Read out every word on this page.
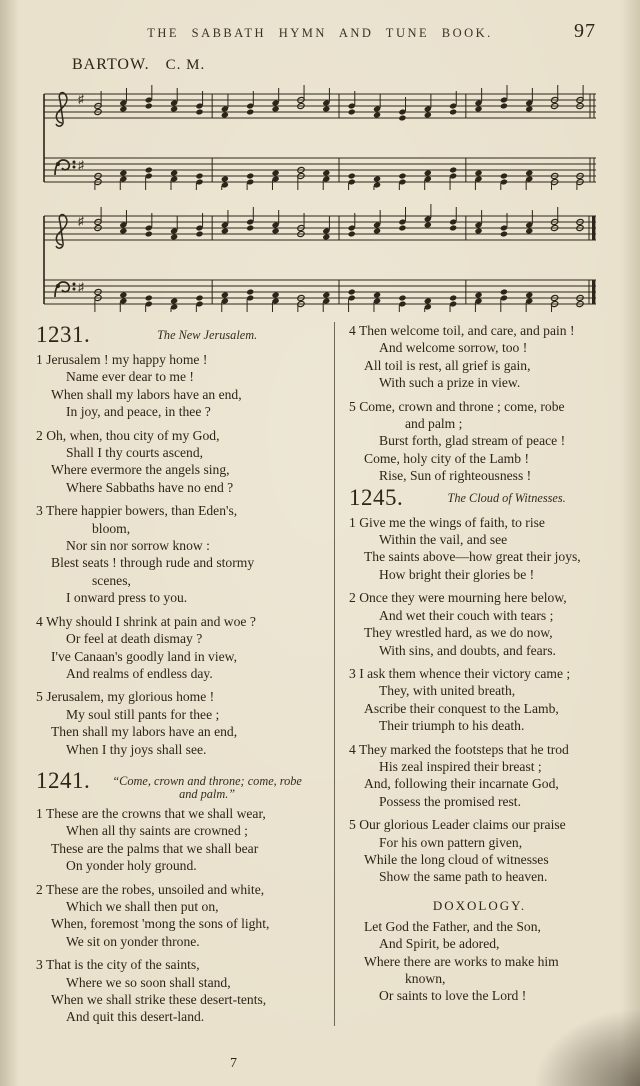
THE SABBATH HYMN AND TUNE BOOK.	97
BARTOW. C. M.
♯
♯
♯
♯
1231.	The New Jerusalem.
1 Jerusalem ! my happy home !
Name ever dear to me !
When shall my labors have an end,
In joy, and peace, in thee ?
2 Oh, when, thou city of my God,
Shall I thy courts ascend,
Where evermore the angels sing,
Where Sabbaths have no end ?
3 There happier bowers, than Eden's,
bloom,
Nor sin nor sorrow know :
Blest seats ! through rude and stormy
scenes,
I onward press to you.
4 Why should I shrink at pain and woe ?
Or feel at death dismay ?
I've Canaan's goodly land in view,
And realms of endless day.
5 Jerusalem, my glorious home !
My soul still pants for thee ;
Then shall my labors have an end,
When I thy joys shall see.
1241.	“Come, crown and throne; come, robe
and palm.”
1 These are the crowns that we shall wear,
When all thy saints are crowned ;
These are the palms that we shall bear
On yonder holy ground.
2 These are the robes, unsoiled and white,
Which we shall then put on,
When, foremost 'mong the sons of light,
We sit on yonder throne.
3 That is the city of the saints,
Where we so soon shall stand,
When we shall strike these desert-tents,
And quit this desert-land.
4 Then welcome toil, and care, and pain !
And welcome sorrow, too !
All toil is rest, all grief is gain,
With such a prize in view.
5 Come, crown and throne ; come, robe
and palm ;
Burst forth, glad stream of peace !
Come, holy city of the Lamb !
Rise, Sun of righteousness !
1245.	The Cloud of Witnesses.
1 Give me the wings of faith, to rise
Within the vail, and see
The saints above—how great their joys,
How bright their glories be !
2 Once they were mourning here below,
And wet their couch with tears ;
They wrestled hard, as we do now,
With sins, and doubts, and fears.
3 I ask them whence their victory came ;
They, with united breath,
Ascribe their conquest to the Lamb,
Their triumph to his death.
4 They marked the footsteps that he trod
His zeal inspired their breast ;
And, following their incarnate God,
Possess the promised rest.
5 Our glorious Leader claims our praise
For his own pattern given,
While the long cloud of witnesses
Show the same path to heaven.
DOXOLOGY.
Let God the Father, and the Son,
And Spirit, be adored,
Where there are works to make him
known,
Or saints to love the Lord !
7
